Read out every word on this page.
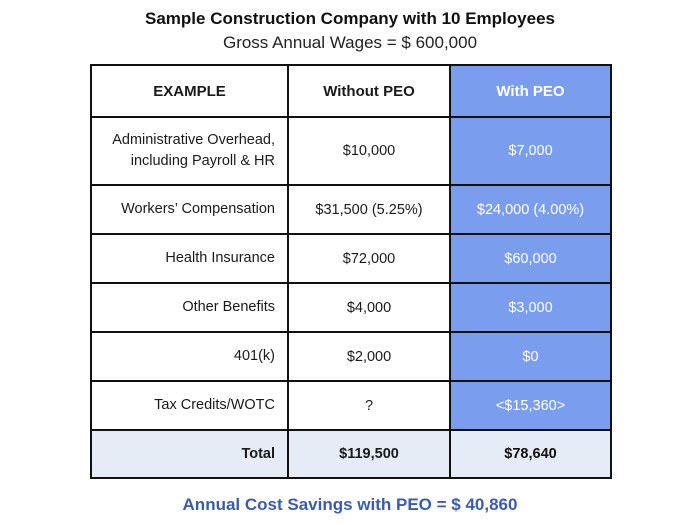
Sample Construction Company with 10 Employees
Gross Annual Wages = $ 600,000
EXAMPLE	Without PEO	With PEO
Administrative Overhead,
including Payroll & HR	$10,000	$7,000
Workers’ Compensation	$31,500 (5.25%)	$24,000 (4.00%)
Health Insurance	$72,000	$60,000
Other Benefits	$4,000	$3,000
401(k)	$2,000	$0
Tax Credits/WOTC	?	<$15,360>
Total	$119,500	$78,640
Annual Cost Savings with PEO = $ 40,860
